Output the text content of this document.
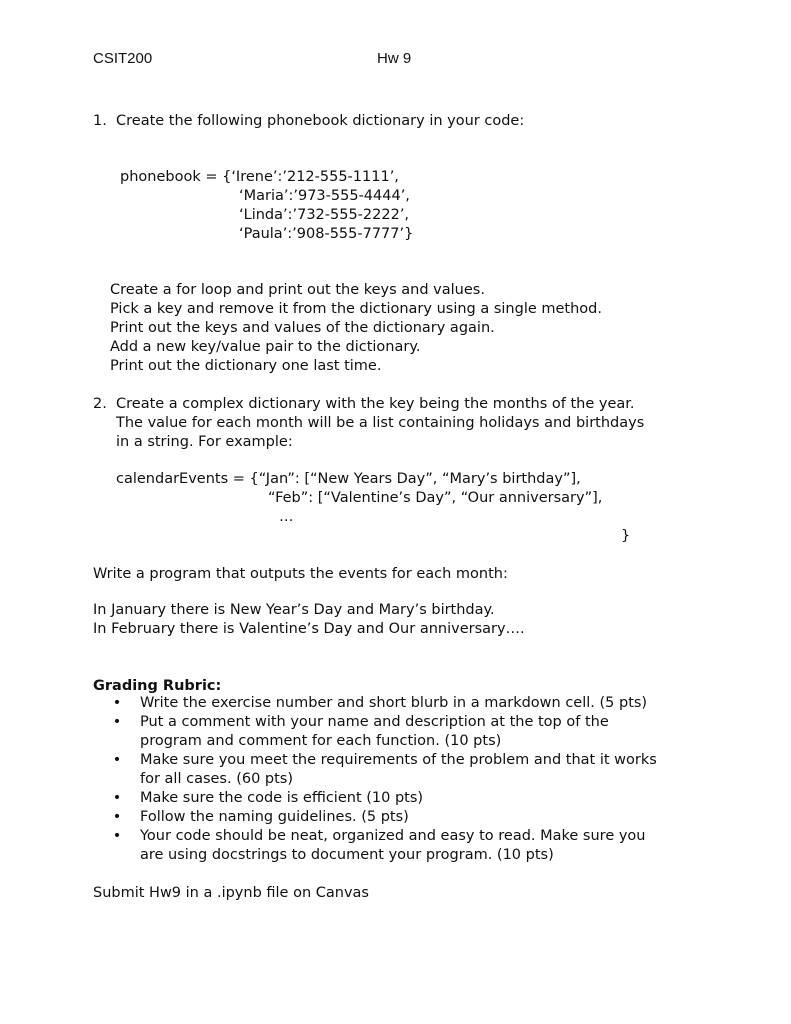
CSIT200	Hw 9
1. Create the following phonebook dictionary in your code:
phonebook = {‘Irene’:’212-555-1111’,
‘Maria’:’973-555-4444’,
‘Linda’:’732-555-2222’,
‘Paula’:’908-555-7777’}
Create a for loop and print out the keys and values.
Pick a key and remove it from the dictionary using a single method.
Print out the keys and values of the dictionary again.
Add a new key/value pair to the dictionary.
Print out the dictionary one last time.
2. Create a complex dictionary with the key being the months of the year.
The value for each month will be a list containing holidays and birthdays
in a string. For example:
calendarEvents = {“Jan”: [“New Years Day”, “Mary’s birthday”],
“Feb”: [“Valentine’s Day”, “Our anniversary”],
…
}
Write a program that outputs the events for each month:
In January there is New Year’s Day and Mary’s birthday.
In February there is Valentine’s Day and Our anniversary….
Grading Rubric:
• Write the exercise number and short blurb in a markdown cell. (5 pts)
• Put a comment with your name and description at the top of the
program and comment for each function. (10 pts)
• Make sure you meet the requirements of the problem and that it works
for all cases. (60 pts)
• Make sure the code is efficient (10 pts)
• Follow the naming guidelines. (5 pts)
• Your code should be neat, organized and easy to read. Make sure you
are using docstrings to document your program. (10 pts)
Submit Hw9 in a .ipynb file on Canvas
